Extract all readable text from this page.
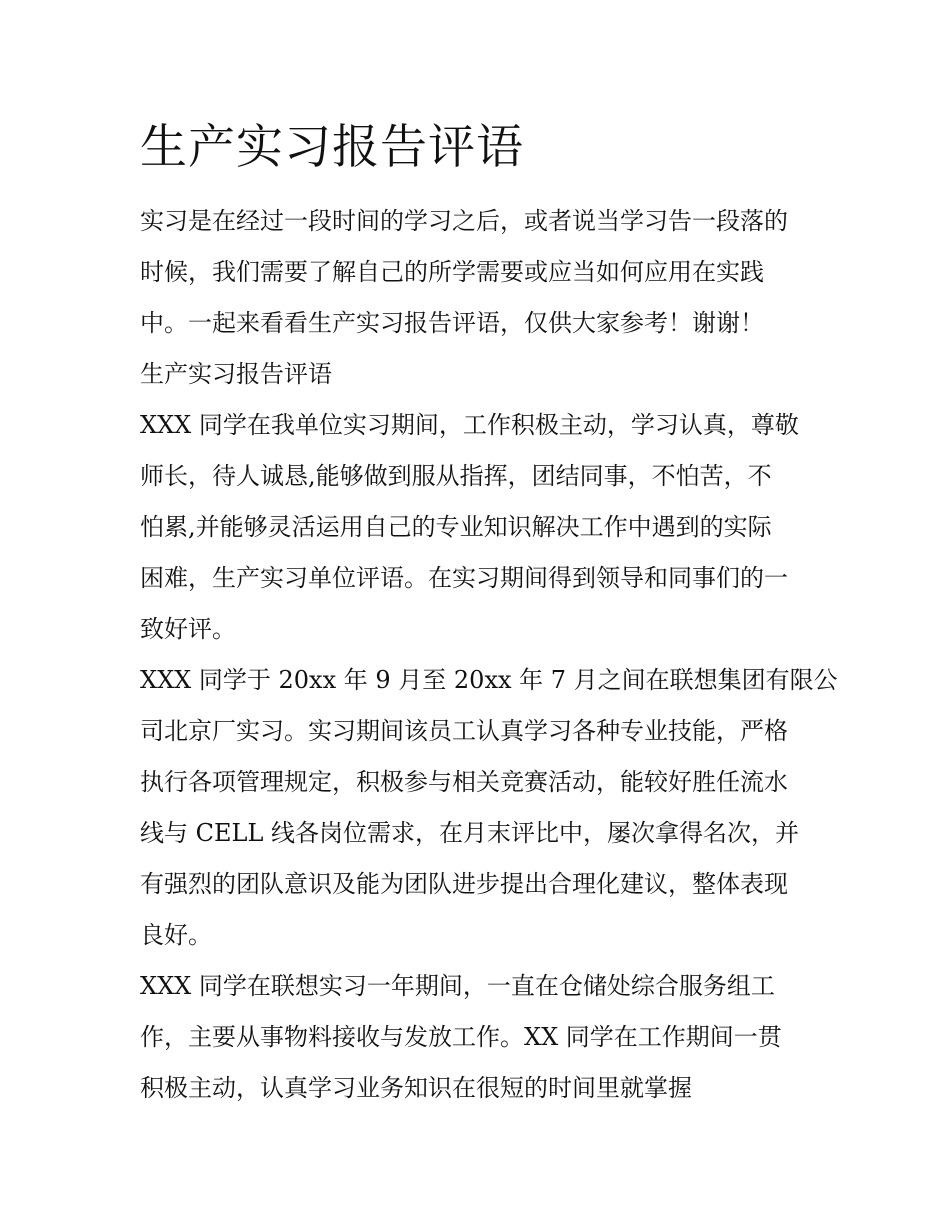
生产实习报告评语
实习是在经过一段时间的学习之后，或者说当学习告一段落的
时候，我们需要了解自己的所学需要或应当如何应用在实践
中。一起来看看生产实习报告评语，仅供大家参考！谢谢！
生产实习报告评语
XXX 同学在我单位实习期间，工作积极主动，学习认真，尊敬
师长，待人诚恳,能够做到服从指挥，团结同事，不怕苦，不
怕累,并能够灵活运用自己的专业知识解决工作中遇到的实际
困难，生产实习单位评语。在实习期间得到领导和同事们的一
致好评。
XXX 同学于 20xx 年 9 月至 20xx 年 7 月之间在联想集团有限公
司北京厂实习。实习期间该员工认真学习各种专业技能，严格
执行各项管理规定，积极参与相关竞赛活动，能较好胜任流水
线与 CELL 线各岗位需求，在月末评比中，屡次拿得名次，并
有强烈的团队意识及能为团队进步提出合理化建议，整体表现
良好。
XXX 同学在联想实习一年期间，一直在仓储处综合服务组工
作，主要从事物料接收与发放工作。XX 同学在工作期间一贯
积极主动，认真学习业务知识在很短的时间里就掌握
